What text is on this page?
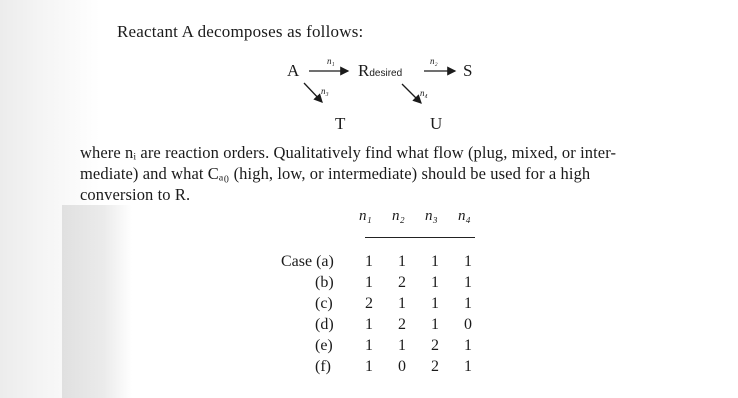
Reactant A decomposes as follows:
A	Rdesired	S
T	U
n₁	n₂
n₃	n₄
where nᵢ are reaction orders. Qualitatively find what flow (plug, mixed, or inter-
mediate) and what Cₐ₀ (high, low, or intermediate) should be used for a high
conversion to R.
n₁ n₂ n₃ n₄
Case (a) 1 1 1 1
(b) 1 2 1 1
(c) 2 1 1 1
(d) 1 2 1 0
(e) 1 1 2 1
(f) 1 0 2 1
